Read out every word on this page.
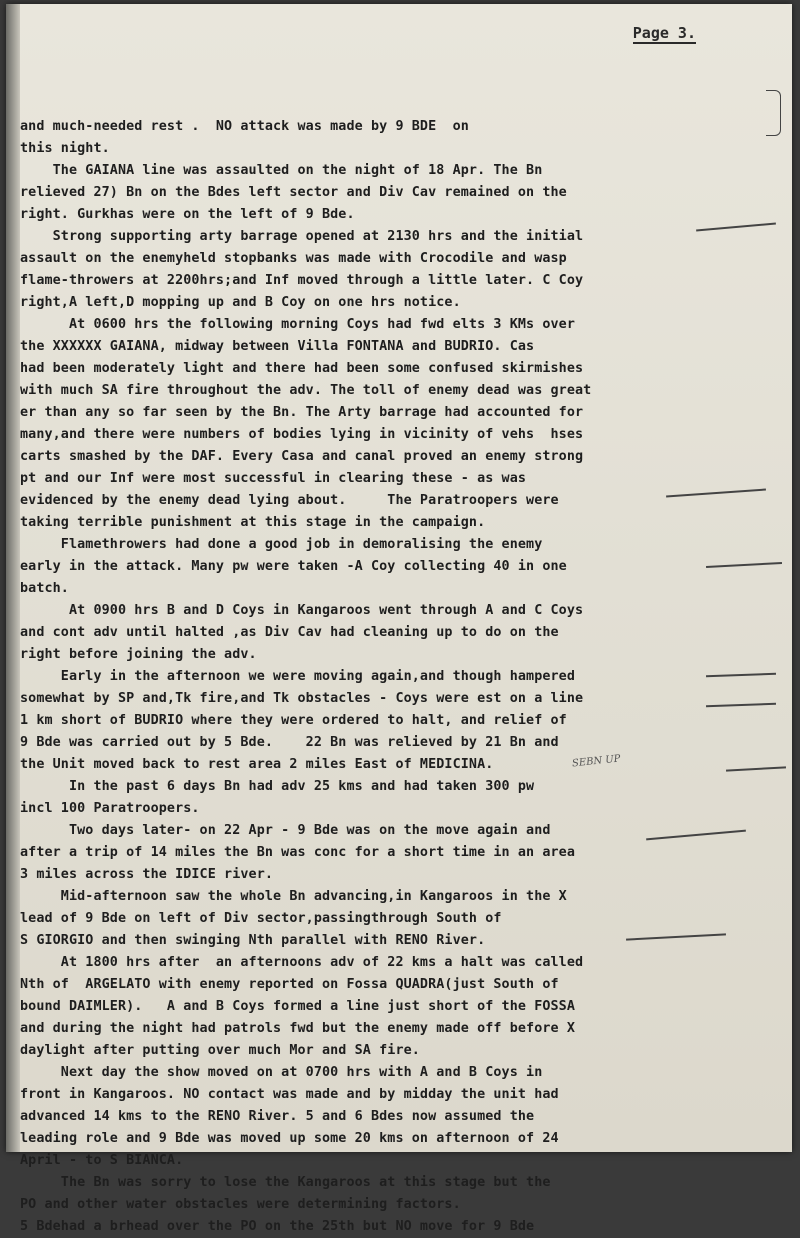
Page 3.

and much-needed rest .  NO attack was made by 9 BDE  on
this night.
The GAIANA line was assaulted on the night of 18 Apr. The Bn
relieved 27) Bn on the Bdes left sector and Div Cav remained on the
right. Gurkhas were on the left of 9 Bde.
Strong supporting arty barrage opened at 2130 hrs and the initial
assault on the enemyheld stopbanks was made with Crocodile and wasp
flame-throwers at 2200hrs;and Inf moved through a little later. C Coy
right,A left,D mopping up and B Coy on one hrs notice.
At 0600 hrs the following morning Coys had fwd elts 3 KMs over
the XXXXXX GAIANA, midway between Villa FONTANA and BUDRIO. Cas
had been moderately light and there had been some confused skirmishes
with much SA fire throughout the adv. The toll of enemy dead was great
er than any so far seen by the Bn. The Arty barrage had accounted for
many,and there were numbers of bodies lying in vicinity of vehs  hses
carts smashed by the DAF. Every Casa and canal proved an enemy strong
pt and our Inf were most successful in clearing these - as was
evidenced by the enemy dead lying about.     The Paratroopers were
taking terrible punishment at this stage in the campaign.
Flamethrowers had done a good job in demoralising the enemy
early in the attack. Many pw were taken -A Coy collecting 40 in one
batch.
At 0900 hrs B and D Coys in Kangaroos went through A and C Coys
and cont adv until halted ,as Div Cav had cleaning up to do on the
right before joining the adv.
Early in the afternoon we were moving again,and though hampered
somewhat by SP and,Tk fire,and Tk obstacles - Coys were est on a line
1 km short of BUDRIO where they were ordered to halt, and relief of
9 Bde was carried out by 5 Bde.    22 Bn was relieved by 21 Bn and
the Unit moved back to rest area 2 miles East of MEDICINA.
In the past 6 days Bn had adv 25 kms and had taken 300 pw
incl 100 Paratroopers.
Two days later- on 22 Apr - 9 Bde was on the move again and
after a trip of 14 miles the Bn was conc for a short time in an area
3 miles across the IDICE river.
Mid-afternoon saw the whole Bn advancing,in Kangaroos in the X
lead of 9 Bde on left of Div sector,passingthrough South of
S GIORGIO and then swinging Nth parallel with RENO River.
At 1800 hrs after  an afternoons adv of 22 kms a halt was called
Nth of  ARGELATO with enemy reported on Fossa QUADRA(just South of
bound DAIMLER).   A and B Coys formed a line just short of the FOSSA
and during the night had patrols fwd but the enemy made off before X
daylight after putting over much Mor and SA fire.
Next day the show moved on at 0700 hrs with A and B Coys in
front in Kangaroos. NO contact was made and by midday the unit had
advanced 14 kms to the RENO River. 5 and 6 Bdes now assumed the
leading role and 9 Bde was moved up some 20 kms on afternoon of 24
April - to S BIANCA.
The Bn was sorry to lose the Kangaroos at this stage but the
PO and other water obstacles were determining factors.
5 Bdehad a brhead over the PO on the 25th but NO move for 9 Bde
SEBN UP
